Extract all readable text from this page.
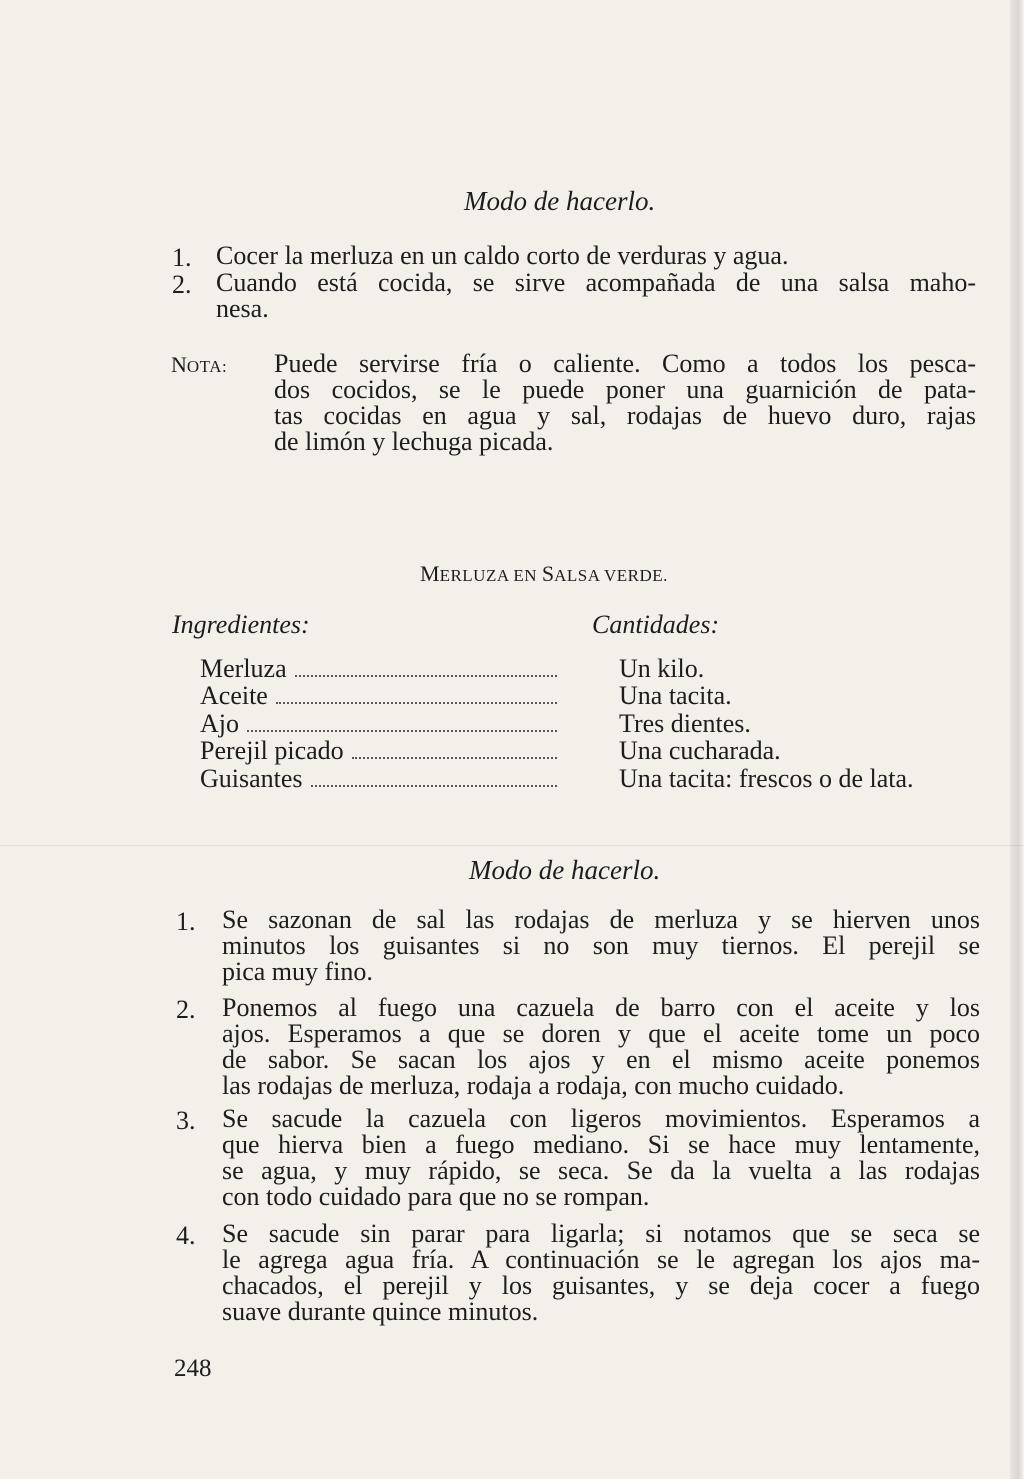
Modo de hacerlo.
1. Cocer la merluza en un caldo corto de verduras y agua.
2. Cuando está cocida, se sirve acompañada de una salsa maho-
nesa.
NOTA: Puede servirse fría o caliente. Como a todos los pesca-
dos cocidos, se le puede poner una guarnición de pata-
tas cocidas en agua y sal, rodajas de huevo duro, rajas
de limón y lechuga picada.
MERLUZA EN SALSA VERDE.
Ingredientes:	Cantidades:
Merluza
Aceite
Ajo
Perejil picado
Guisantes
Un kilo.
Una tacita.
Tres dientes.
Una cucharada.
Una tacita: frescos o de lata.
Modo de hacerlo.
1. Se sazonan de sal las rodajas de merluza y se hierven unos
minutos los guisantes si no son muy tiernos. El perejil se
pica muy fino.
2. Ponemos al fuego una cazuela de barro con el aceite y los
ajos. Esperamos a que se doren y que el aceite tome un poco
de sabor. Se sacan los ajos y en el mismo aceite ponemos
las rodajas de merluza, rodaja a rodaja, con mucho cuidado.
3. Se sacude la cazuela con ligeros movimientos. Esperamos a
que hierva bien a fuego mediano. Si se hace muy lentamente,
se agua, y muy rápido, se seca. Se da la vuelta a las rodajas
con todo cuidado para que no se rompan.
4. Se sacude sin parar para ligarla; si notamos que se seca se
le agrega agua fría. A continuación se le agregan los ajos ma-
chacados, el perejil y los guisantes, y se deja cocer a fuego
suave durante quince minutos.
248
